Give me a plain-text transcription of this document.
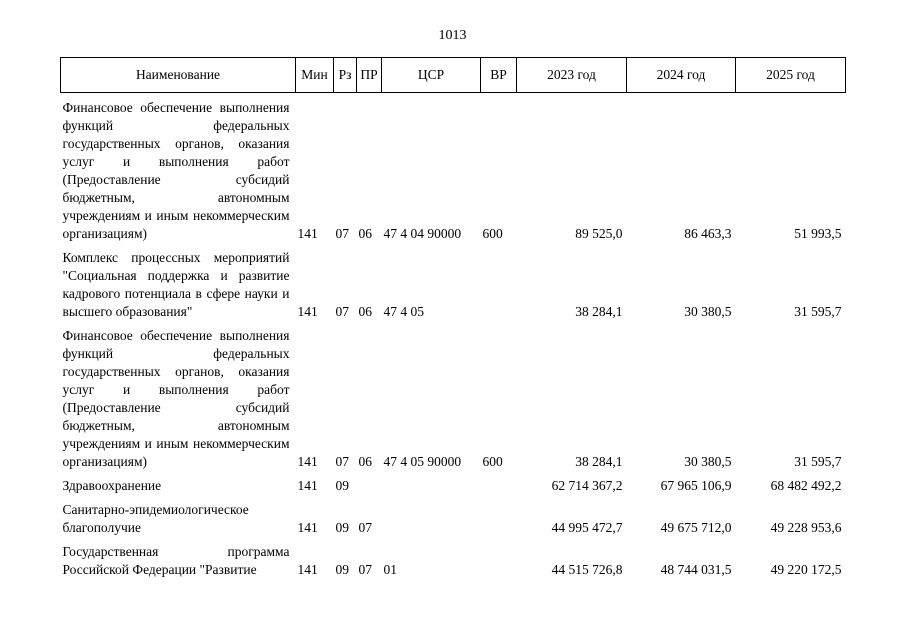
1013
Наименование	Мин	Рз	ПР	ЦСР	ВР	2023 год	2024 год	2025 год
Финансовое обеспечение выполнения функций федеральных государственных органов, оказания услуг и выполнения работ (Предоставление субсидий бюджетным, автономным учреждениям и иным некоммерческим организациям)	141	07	06	47 4 04 90000	600	89 525,0	86 463,3	51 993,5
Комплекс процессных мероприятий "Социальная поддержка и развитие кадрового потенциала в сфере науки и высшего образования"	141	07	06	47 4 05		38 284,1	30 380,5	31 595,7
Финансовое обеспечение выполнения функций федеральных государственных органов, оказания услуг и выполнения работ (Предоставление субсидий бюджетным, автономным учреждениям и иным некоммерческим организациям)	141	07	06	47 4 05 90000	600	38 284,1	30 380,5	31 595,7
Здравоохранение	141	09				62 714 367,2	67 965 106,9	68 482 492,2
Санитарно-эпидемиологическое благополучие	141	09	07			44 995 472,7	49 675 712,0	49 228 953,6
Государственная программа Российской Федерации "Развитие	141	09	07	01		44 515 726,8	48 744 031,5	49 220 172,5
